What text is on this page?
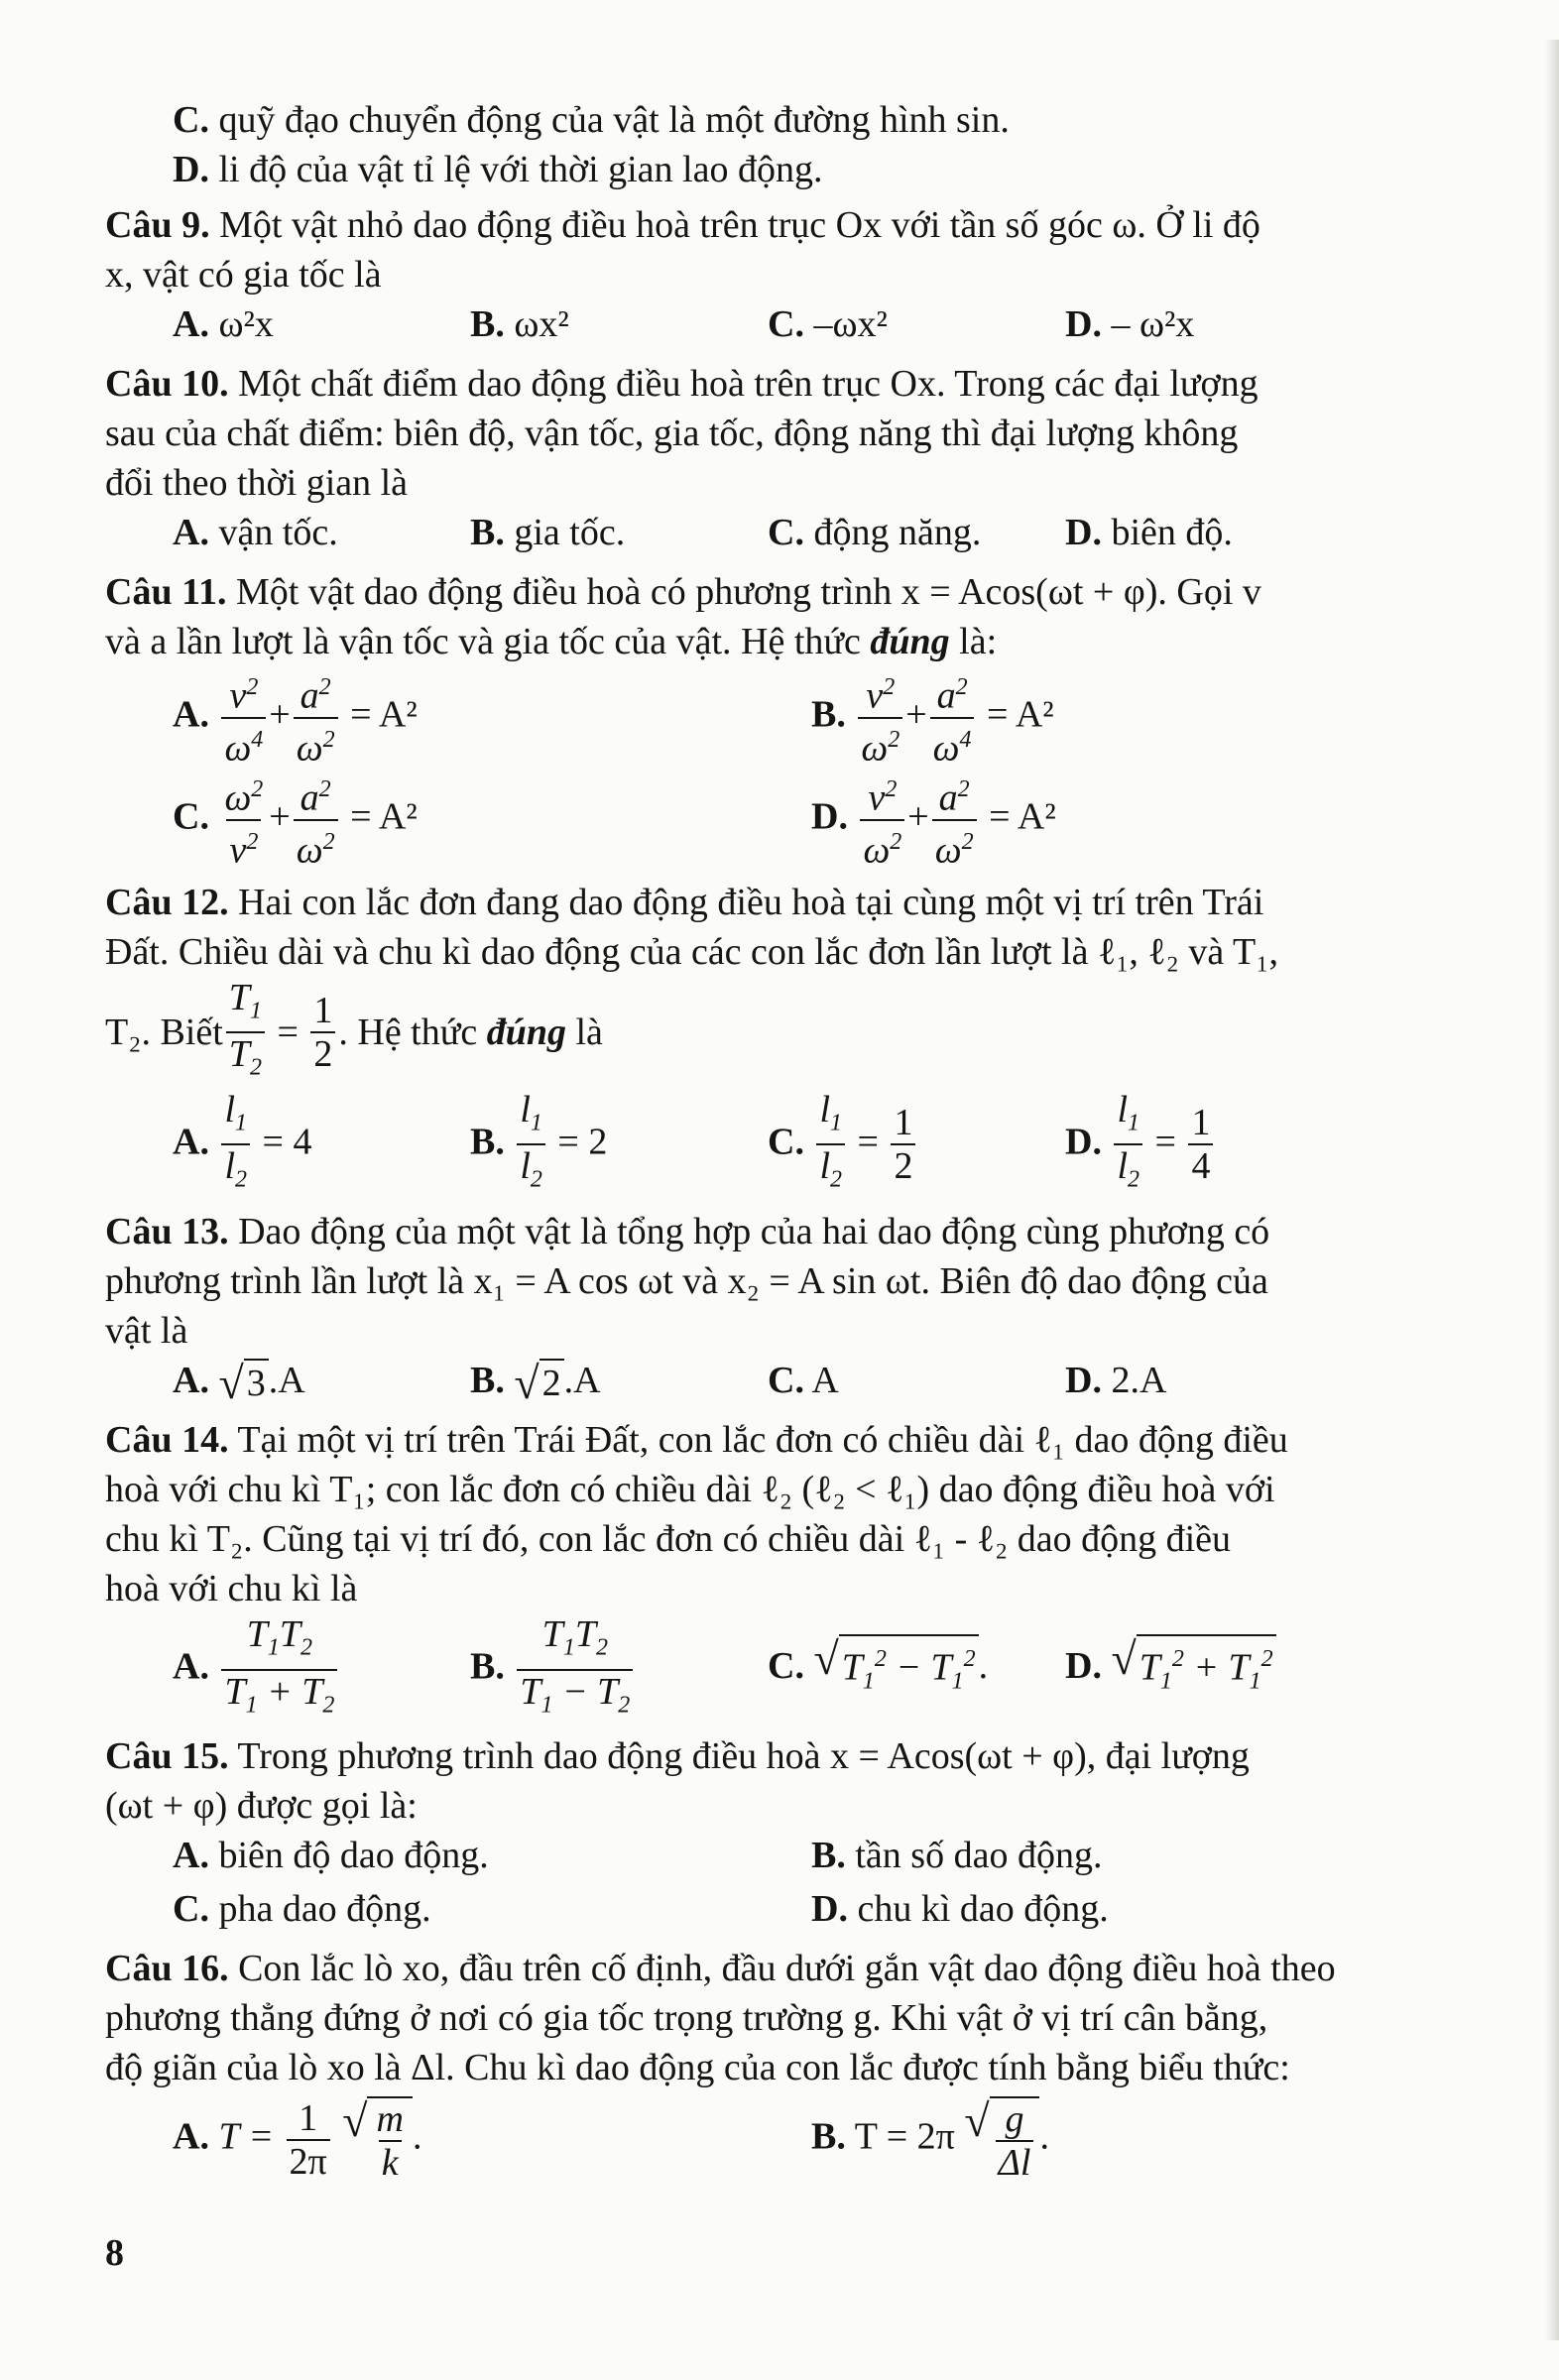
C. quỹ đạo chuyển động của vật là một đường hình sin.
D. li độ của vật tỉ lệ với thời gian lao động.
Câu 9. Một vật nhỏ dao động điều hoà trên trục Ox với tần số góc ω. Ở li độ
x, vật có gia tốc là
A. ω²x	B. ωx²	C. –ωx²	D. – ω²x
Câu 10. Một chất điểm dao động điều hoà trên trục Ox. Trong các đại lượng
sau của chất điểm: biên độ, vận tốc, gia tốc, động năng thì đại lượng không
đổi theo thời gian là
A. vận tốc.	B. gia tốc.	C. động năng.	D. biên độ.
Câu 11. Một vật dao động điều hoà có phương trình x = Acos(ωt + φ). Gọi v
và a lần lượt là vận tốc và gia tốc của vật. Hệ thức đúng là:
A. $\frac{v^2}{\omega^4} + \frac{a^2}{\omega^2} = A^2$	B. $\frac{v^2}{\omega^2} + \frac{a^2}{\omega^4} = A^2$
C. $\frac{\omega^2}{v^2} + \frac{a^2}{\omega^2} = A^2$	D. $\frac{v^2}{\omega^2} + \frac{a^2}{\omega^2} = A^2$
Câu 12. Hai con lắc đơn đang dao động điều hoà tại cùng một vị trí trên Trái
Đất. Chiều dài và chu kì dao động của các con lắc đơn lần lượt là ℓ₁, ℓ₂ và T₁,
T₂. Biết $\frac{T_1}{T_2} = \frac{1}{2}$ . Hệ thức
đúng
là
A. $\frac{l_1}{l_2} = 4$	B. $\frac{l_1}{l_2} = 2$	C. $\frac{l_1}{l_2} = \frac{1}{2}$	D. $\frac{l_1}{l_2} = \frac{1}{4}$
Câu 13. Dao động của một vật là tổng hợp của hai dao động cùng phương có
phương trình lần lượt là x₁ = A cos ωt và x₂ = A sin ωt. Biên độ dao động của
vật là
A. √ 3 .A	B. √ 2 .A	C. A	D. 2.A
Câu 14. Tại một vị trí trên Trái Đất, con lắc đơn có chiều dài ℓ₁ dao động điều
hoà với chu kì T₁; con lắc đơn có chiều dài ℓ₂ (ℓ₂ < ℓ₁) dao động điều hoà với
chu kì T₂. Cũng tại vị trí đó, con lắc đơn có chiều dài ℓ₁ - ℓ₂ dao động điều
hoà với chu kì là
A. $\frac{T_1T_2}{T_1 + T_2}$	B. $\frac{T_1T_2}{T_1 - T_2}$	C. √ $T_1^2 - T_1^2$ .	D. √ $T_1^2 + T_1^2$
Câu 15. Trong phương trình dao động điều hoà x = Acos(ωt + φ), đại lượng
(ωt + φ) được gọi là:
A. biên độ dao động.	B. tần số dao động.
C. pha dao động.	D. chu kì dao động.
Câu 16. Con lắc lò xo, đầu trên cố định, đầu dưới gắn vật dao động điều hoà theo
phương thẳng đứng ở nơi có gia tốc trọng trường g. Khi vật ở vị trí cân bằng,
độ giãn của lò xo là Δl. Chu kì dao động của con lắc được tính bằng biểu thức:
A. $T = \frac{1}{2\pi}$
√ $\frac{m}{k}$ .	B. T = 2π √ $\frac{g}{\Delta l}$ .
8
